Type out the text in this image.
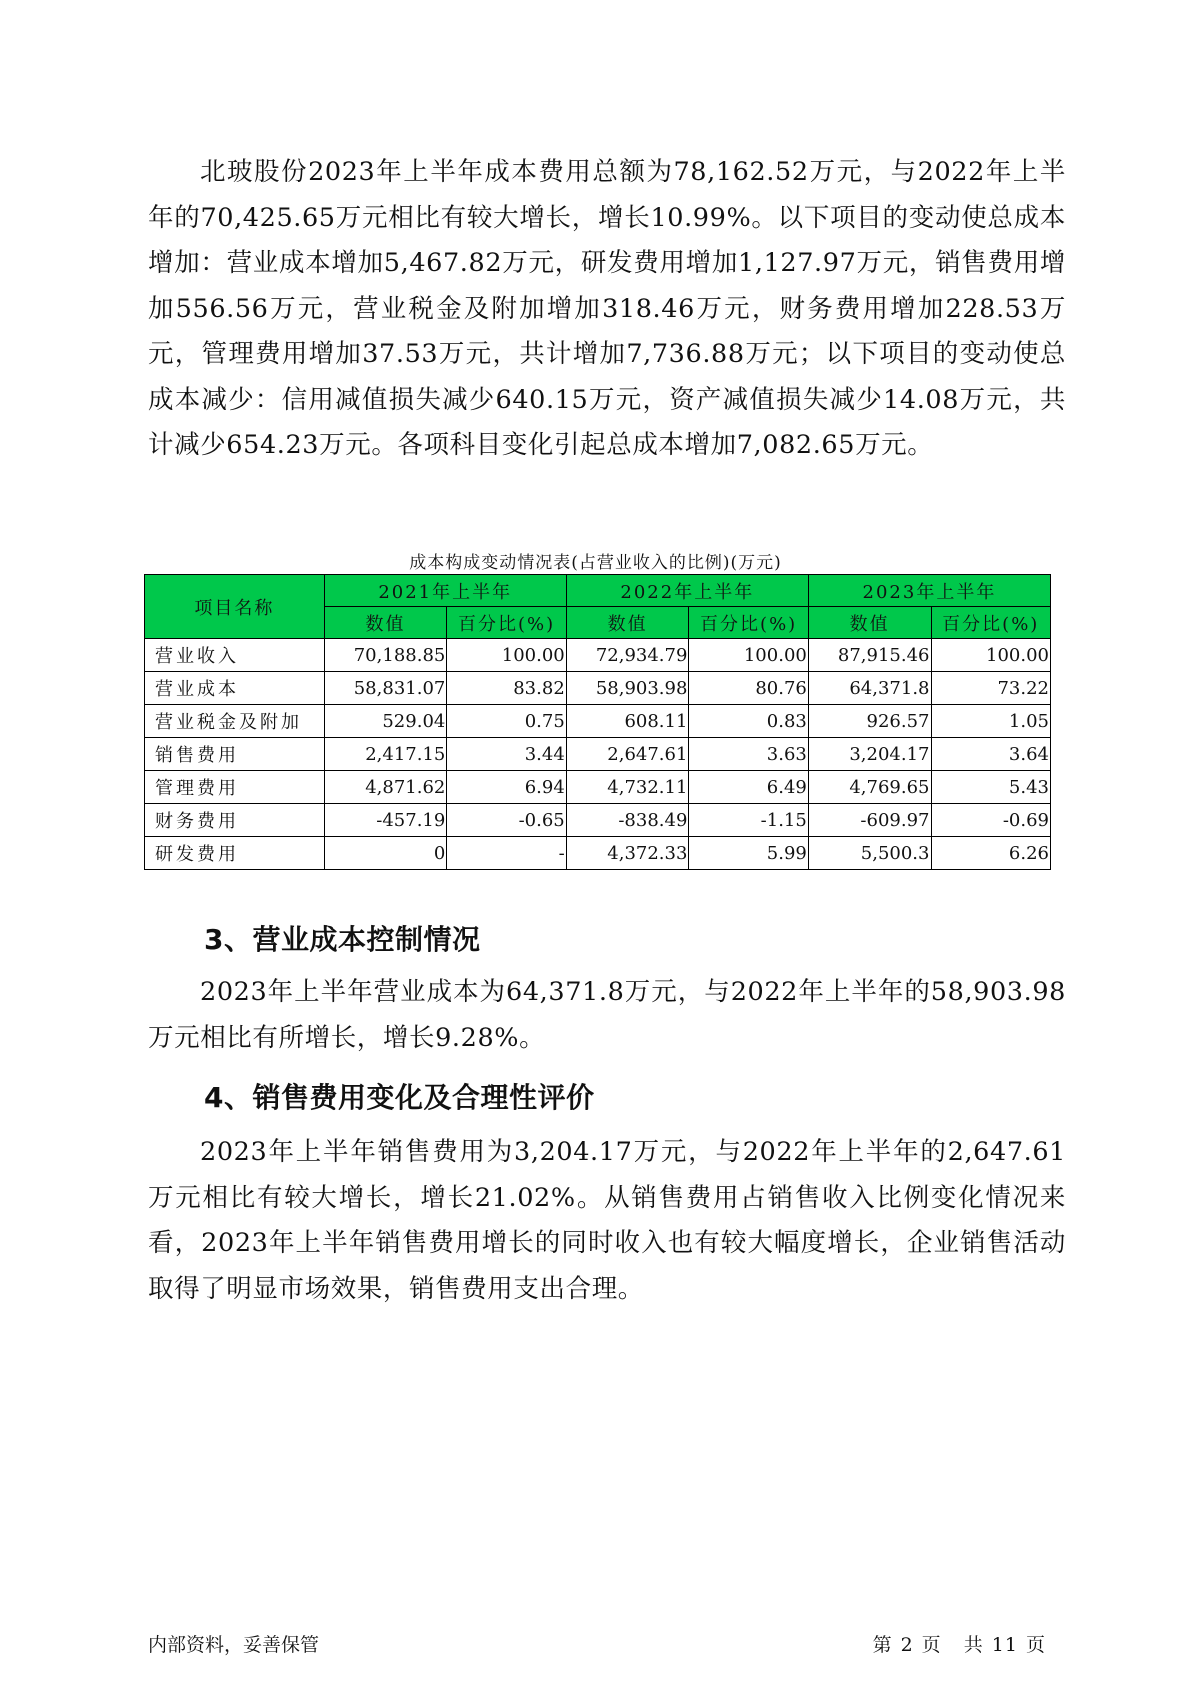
北玻股份2023年上半年成本费用总额为78,162.52万元，与2022年上半年的70,425.65万元相比有较大增长，增长10.99%。以下项目的变动使总成本增加：营业成本增加5,467.82万元，研发费用增加1,127.97万元，销售费用增加556.56万元，营业税金及附加增加318.46万元，财务费用增加228.53万元，管理费用增加37.53万元，共计增加7,736.88万元；以下项目的变动使总成本减少：信用减值损失减少640.15万元，资产减值损失减少14.08万元，共计减少654.23万元。各项科目变化引起总成本增加7,082.65万元。

成本构成变动情况表(占营业收入的比例)(万元)
项目名称	2021年上半年		2022年上半年		2023年上半年	
	数值	百分比(%)	数值	百分比(%)	数值	百分比(%)
营业收入	70,188.85	100.00	72,934.79	100.00	87,915.46	100.00
营业成本	58,831.07	83.82	58,903.98	80.76	64,371.8	73.22
营业税金及附加	529.04	0.75	608.11	0.83	926.57	1.05
销售费用	2,417.15	3.44	2,647.61	3.63	3,204.17	3.64
管理费用	4,871.62	6.94	4,732.11	6.49	4,769.65	5.43
财务费用	-457.19	-0.65	-838.49	-1.15	-609.97	-0.69
研发费用	0	-	4,372.33	5.99	5,500.3	6.26
3、营业成本控制情况

2023年上半年营业成本为64,371.8万元，与2022年上半年的58,903.98万元相比有所增长，增长9.28%。

4、销售费用变化及合理性评价

2023年上半年销售费用为3,204.17万元，与2022年上半年的2,647.61万元相比有较大增长，增长21.02%。从销售费用占销售收入比例变化情况来看，2023年上半年销售费用增长的同时收入也有较大幅度增长，企业销售活动取得了明显市场效果，销售费用支出合理。

内部资料，妥善保管	第 2 页 共 11 页
